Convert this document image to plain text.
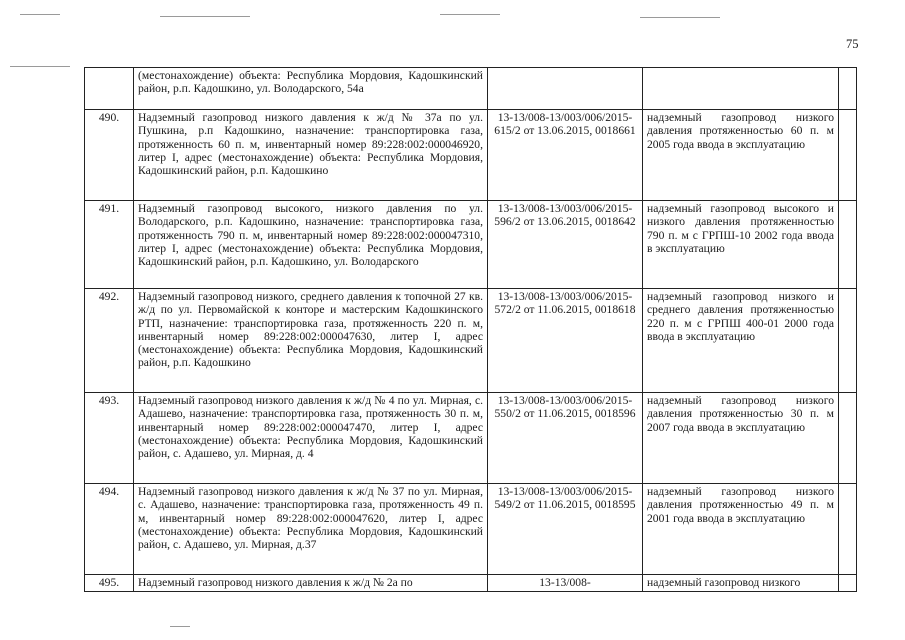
75
	(местонахождение) объекта: Республика Мордовия, Кадошкинский район, р.п. Кадошкино, ул. Володарского, 54а			
490.	Надземный газопровод низкого давления к ж/д № 37а по ул. Пушкина, р.п Кадошкино, назначение: транспортировка газа, протяженность 60 п. м, инвентарный номер 89:228:002:000046920, литер I, адрес (местонахождение) объекта: Республика Мордовия, Кадошкинский район, р.п. Кадошкино	13-13/008-13/003/006/2015-615/2 от 13.06.2015, 0018661	надземный газопровод низкого давления протяженностью 60 п. м 2005 года ввода в эксплуатацию	
491.	Надземный газопровод высокого, низкого давления по ул. Володарского, р.п. Кадошкино, назначение: транспортировка газа, протяженность 790 п. м, инвентарный номер 89:228:002:000047310, литер I, адрес (местонахождение) объекта: Республика Мордовия, Кадошкинский район, р.п. Кадошкино, ул. Володарского	13-13/008-13/003/006/2015-596/2 от 13.06.2015, 0018642	надземный газопровод высокого и низкого давления протяженностью 790 п. м с ГРПШ-10 2002 года ввода в эксплуатацию	
492.	Надземный газопровод низкого, среднего давления к топочной 27 кв. ж/д по ул. Первомайской к конторе и мастерским Кадошкинского РТП, назначение: транспортировка газа, протяженность 220 п. м, инвентарный номер 89:228:002:000047630, литер I, адрес (местонахождение) объекта: Республика Мордовия, Кадошкинский район, р.п. Кадошкино	13-13/008-13/003/006/2015-572/2 от 11.06.2015, 0018618	надземный газопровод низкого и среднего давления протяженностью 220 п. м с ГРПШ 400-01 2000 года ввода в эксплуатацию	
493.	Надземный газопровод низкого давления к ж/д № 4 по ул. Мирная, с. Адашево, назначение: транспортировка газа, протяженность 30 п. м, инвентарный номер 89:228:002:000047470, литер I, адрес (местонахождение) объекта: Республика Мордовия, Кадошкинский район, с. Адашево, ул. Мирная, д. 4	13-13/008-13/003/006/2015-550/2 от 11.06.2015, 0018596	надземный газопровод низкого давления протяженностью 30 п. м 2007 года ввода в эксплуатацию	
494.	Надземный газопровод низкого давления к ж/д № 37 по ул. Мирная, с. Адашево, назначение: транспортировка газа, протяженность 49 п. м, инвентарный номер 89:228:002:000047620, литер I, адрес (местонахождение) объекта: Республика Мордовия, Кадошкинский район, с. Адашево, ул. Мирная, д.37	13-13/008-13/003/006/2015-549/2 от 11.06.2015, 0018595	надземный газопровод низкого давления протяженностью 49 п. м 2001 года ввода в эксплуатацию	
495.	Надземный газопровод низкого давления к ж/д № 2а по	13-13/008-	надземный газопровод низкого	
